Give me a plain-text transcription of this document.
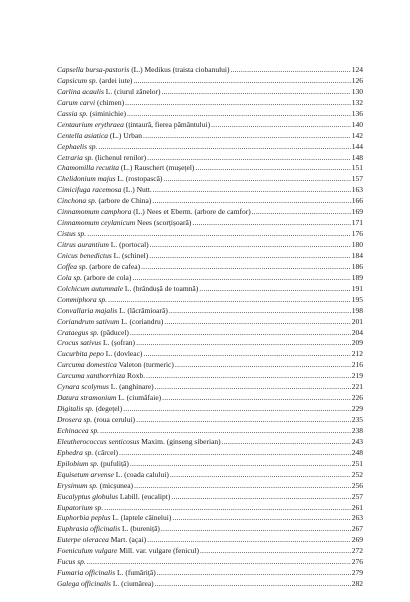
Capsella bursa-pastoris (L.) Medikus (traista ciobanului) .....	124
Capsicum sp. (ardei iute) .....	126
Carlina acaulis L. (ciurul zânelor) .....	130
Carum carvi (chimen) .....	132
Cassia sp. (siminichie) .....	136
Centaurium erythraea (țintaură, fierea pământului) .....	140
Centella asiatica (L.) Urban .....	142
Cephaelis sp. .....	144
Cetraria sp. (lichenul renilor) .....	148
Chamomilla recutita (L.) Rauschert (mușețel) .....	151
Chelidonium majus L. (rostopască) .....	157
Cimicifuga racemosa (L.) Nutt. .....	163
Cinchona sp. (arbore de China) .....	166
Cinnamomum camphora (L.) Nees et Eberm. (arbore de camfor) .....	169
Cinnamomum ceylanicum Nees (scorțișoară) .....	171
Cistus sp. .....	176
Citrus aurantium L. (portocal) .....	180
Cnicus benedictus L. (schinel) .....	184
Coffea sp. (arbore de cafea) .....	186
Cola sp. (arbore de cola) .....	189
Colchicum autumnale L. (brândușă de toamnă) .....	191
Commiphora sp. .....	195
Convallaria majalis L. (lăcrămioară) .....	198
Coriandrum sativum L. (coriandru) .....	201
Crataegus sp. (păducel) .....	204
Crocus sativus L. (șofran) .....	209
Cucurbita pepo L. (dovleac) .....	212
Curcuma domestica Valeton (turmeric) .....	216
Curcuma xanthorrhiza Roxb. .....	219
Cynara scolymus L. (anghinare) .....	221
Datura stramonium L. (ciumăfaie) .....	226
Digitalis sp. (degețel) .....	229
Drosera sp. (roua cerului) .....	235
Echinacea sp. .....	238
Eleutherococcus senticosus Maxim. (ginseng siberian) .....	243
Ephedra sp. (cârcel) .....	248
Epilobium sp. (pufuliță) .....	251
Equisetum arvense L. (coada calului) .....	252
Erysimum sp. (micșunea) .....	256
Eucalyptus globulus Labill. (eucalipt) .....	257
Eupatorium sp. .....	261
Euphorbia peplus L. (laptele câinelui) .....	263
Euphrasia officinalis L. (bureniță) .....	267
Euterpe oleracea Mart. (açai) .....	269
Foeniculum vulgare Mill. var. vulgare (fenicul) .....	272
Fucus sp. .....	276
Fumaria officinalis L. (fumăriță) .....	279
Galega officinalis L. (ciumărea) .....	282
